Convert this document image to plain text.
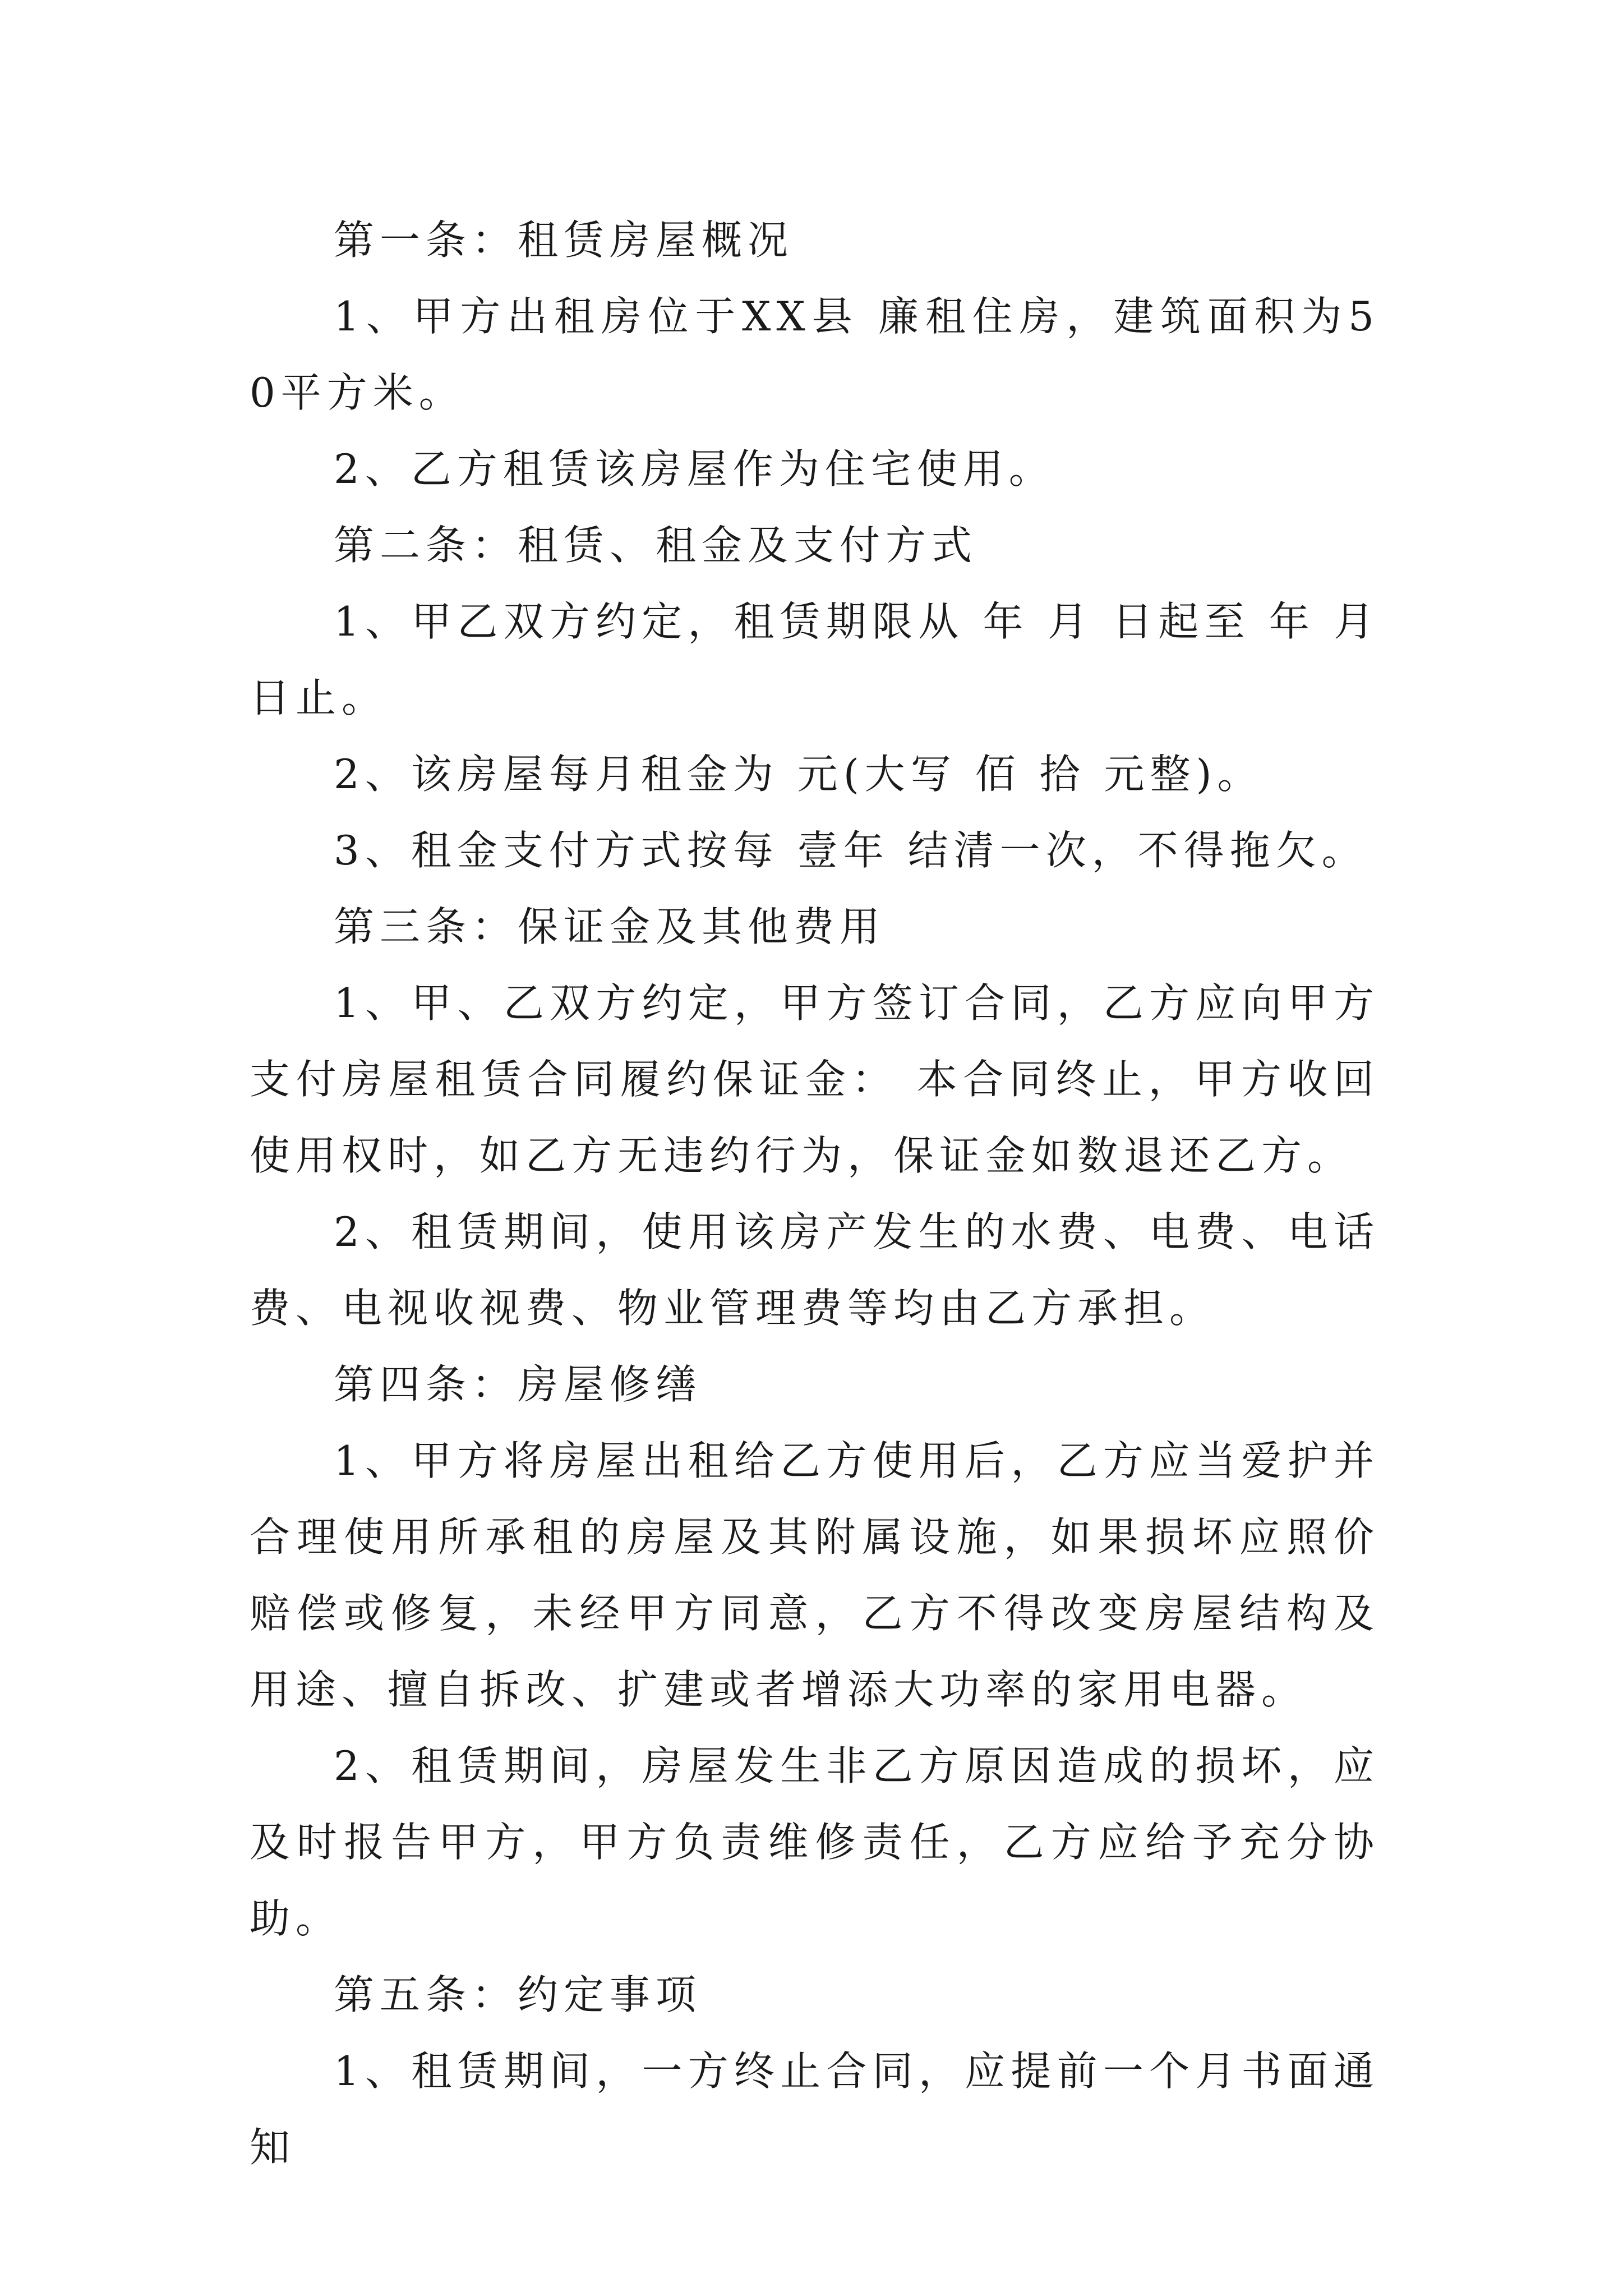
第一条：租赁房屋概况

1、甲方出租房位于XX县 廉租住房，建筑面积为50平方米。

2、乙方租赁该房屋作为住宅使用。

第二条：租赁、租金及支付方式

1、甲乙双方约定，租赁期限从 年 月 日起至 年 月 日止。

2、该房屋每月租金为 元(大写 佰 拾 元整)。

3、租金支付方式按每 壹年 结清一次，不得拖欠。

第三条：保证金及其他费用

1、甲、乙双方约定，甲方签订合同，乙方应向甲方支付房屋租赁合同履约保证金： 本合同终止，甲方收回使用权时，如乙方无违约行为，保证金如数退还乙方。

2、租赁期间，使用该房产发生的水费、电费、电话费、电视收视费、物业管理费等均由乙方承担。

第四条：房屋修缮

1、甲方将房屋出租给乙方使用后，乙方应当爱护并合理使用所承租的房屋及其附属设施，如果损坏应照价赔偿或修复，未经甲方同意，乙方不得改变房屋结构及用途、擅自拆改、扩建或者增添大功率的家用电器。

2、租赁期间，房屋发生非乙方原因造成的损坏，应及时报告甲方，甲方负责维修责任，乙方应给予充分协助。

第五条：约定事项

1、租赁期间，一方终止合同，应提前一个月书面通知
